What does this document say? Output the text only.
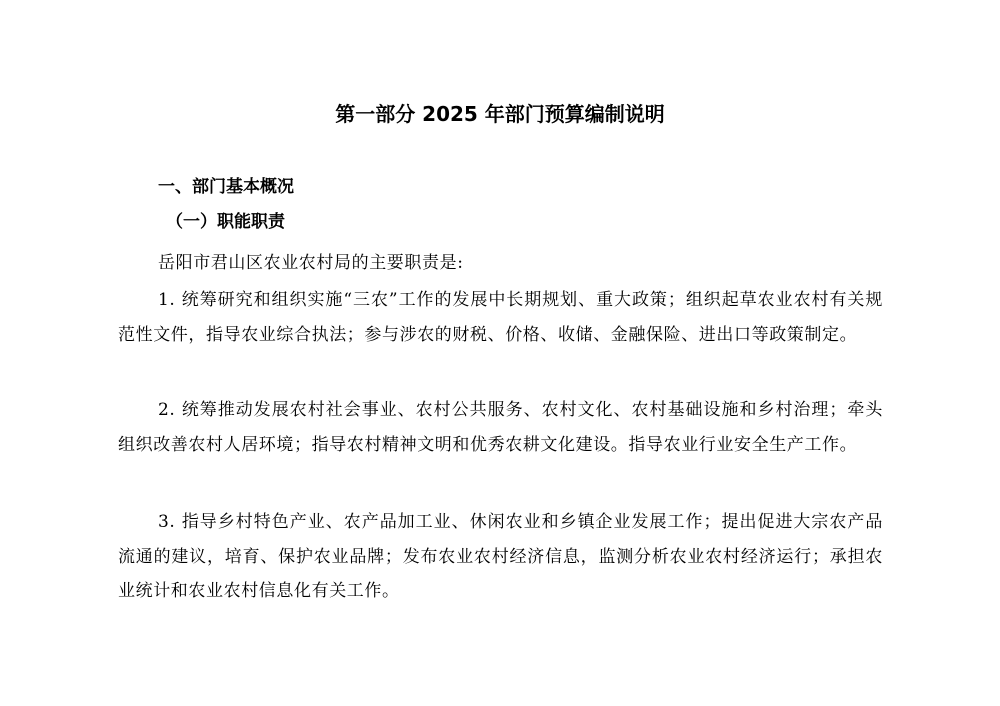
第一部分 2025 年部门预算编制说明
一、部门基本概况
（一）职能职责

岳阳市君山区农业农村局的主要职责是:

1. 统筹研究和组织实施“三农”工作的发展中长期规划、重大政策；组织起草农业农村有关规范性文件，指导农业综合执法；参与涉农的财税、价格、收储、金融保险、进出口等政策制定。

2. 统筹推动发展农村社会事业、农村公共服务、农村文化、农村基础设施和乡村治理；牵头组织改善农村人居环境；指导农村精神文明和优秀农耕文化建设。指导农业行业安全生产工作。

3. 指导乡村特色产业、农产品加工业、休闲农业和乡镇企业发展工作；提出促进大宗农产品流通的建议，培育、保护农业品牌；发布农业农村经济信息，监测分析农业农村经济运行；承担农业统计和农业农村信息化有关工作。
